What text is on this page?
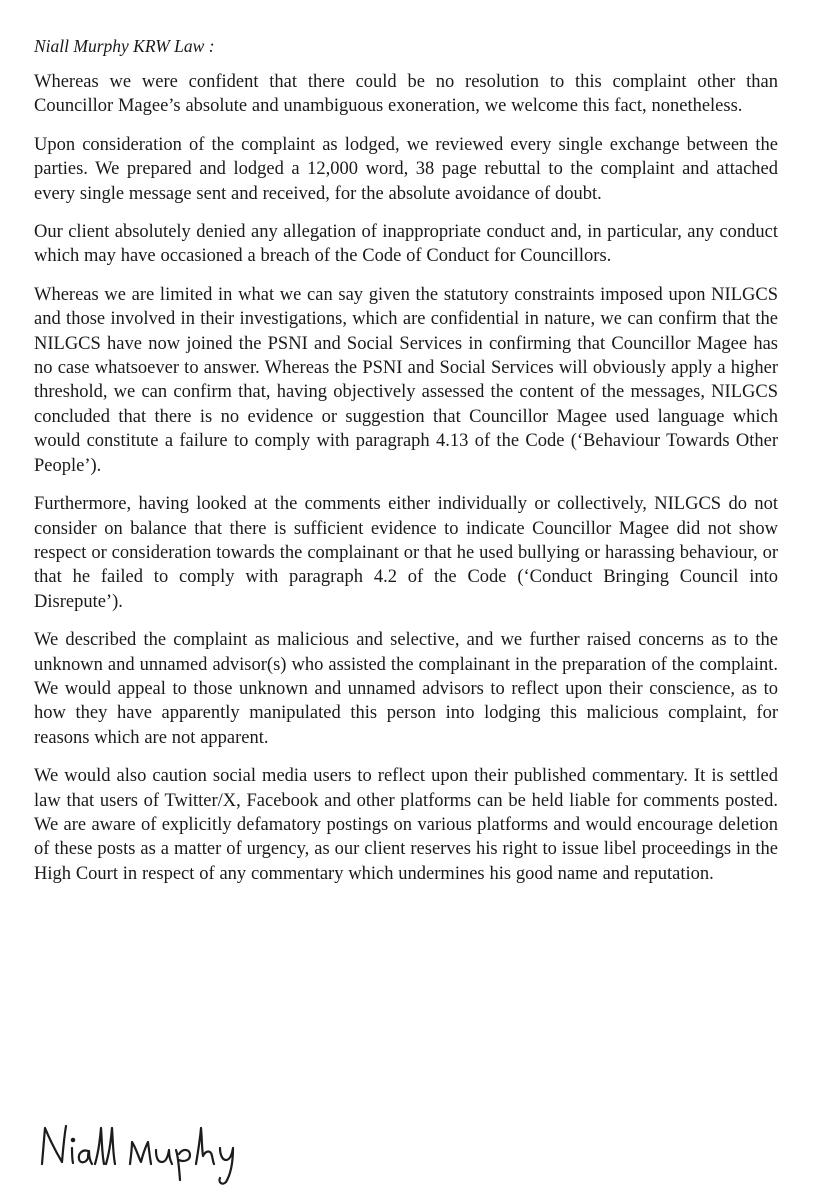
Niall Murphy KRW Law :

Whereas we were confident that there could be no resolution to this complaint other than Councillor Magee’s absolute and unambiguous exoneration, we welcome this fact, nonetheless.

Upon consideration of the complaint as lodged, we reviewed every single exchange between the parties. We prepared and lodged a 12,000 word, 38 page rebuttal to the complaint and attached every single message sent and received, for the absolute avoidance of doubt.

Our client absolutely denied any allegation of inappropriate conduct and, in particular, any conduct which may have occasioned a breach of the Code of Conduct for Councillors.

Whereas we are limited in what we can say given the statutory constraints imposed upon NILGCS and those involved in their investigations, which are confidential in nature, we can confirm that the NILGCS have now joined the PSNI and Social Services in confirming that Councillor Magee has no case whatsoever to answer. Whereas the PSNI and Social Services will obviously apply a higher threshold, we can confirm that, having objectively assessed the content of the messages, NILGCS concluded that there is no evidence or suggestion that Councillor Magee used language which would constitute a failure to comply with paragraph 4.13 of the Code (‘Behaviour Towards Other People’).

Furthermore, having looked at the comments either individually or collectively, NILGCS do not consider on balance that there is sufficient evidence to indicate Councillor Magee did not show respect or consideration towards the complainant or that he used bullying or harassing behaviour, or that he failed to comply with paragraph 4.2 of the Code (‘Conduct Bringing Council into Disrepute’).

We described the complaint as malicious and selective, and we further raised concerns as to the unknown and unnamed advisor(s) who assisted the complainant in the preparation of the complaint. We would appeal to those unknown and unnamed advisors to reflect upon their conscience, as to how they have apparently manipulated this person into lodging this malicious complaint, for reasons which are not apparent.

We would also caution social media users to reflect upon their published commentary. It is settled law that users of Twitter/X, Facebook and other platforms can be held liable for comments posted. We are aware of explicitly defamatory postings on various platforms and would encourage deletion of these posts as a matter of urgency, as our client reserves his right to issue libel proceedings in the High Court in respect of any commentary which undermines his good name and reputation.
